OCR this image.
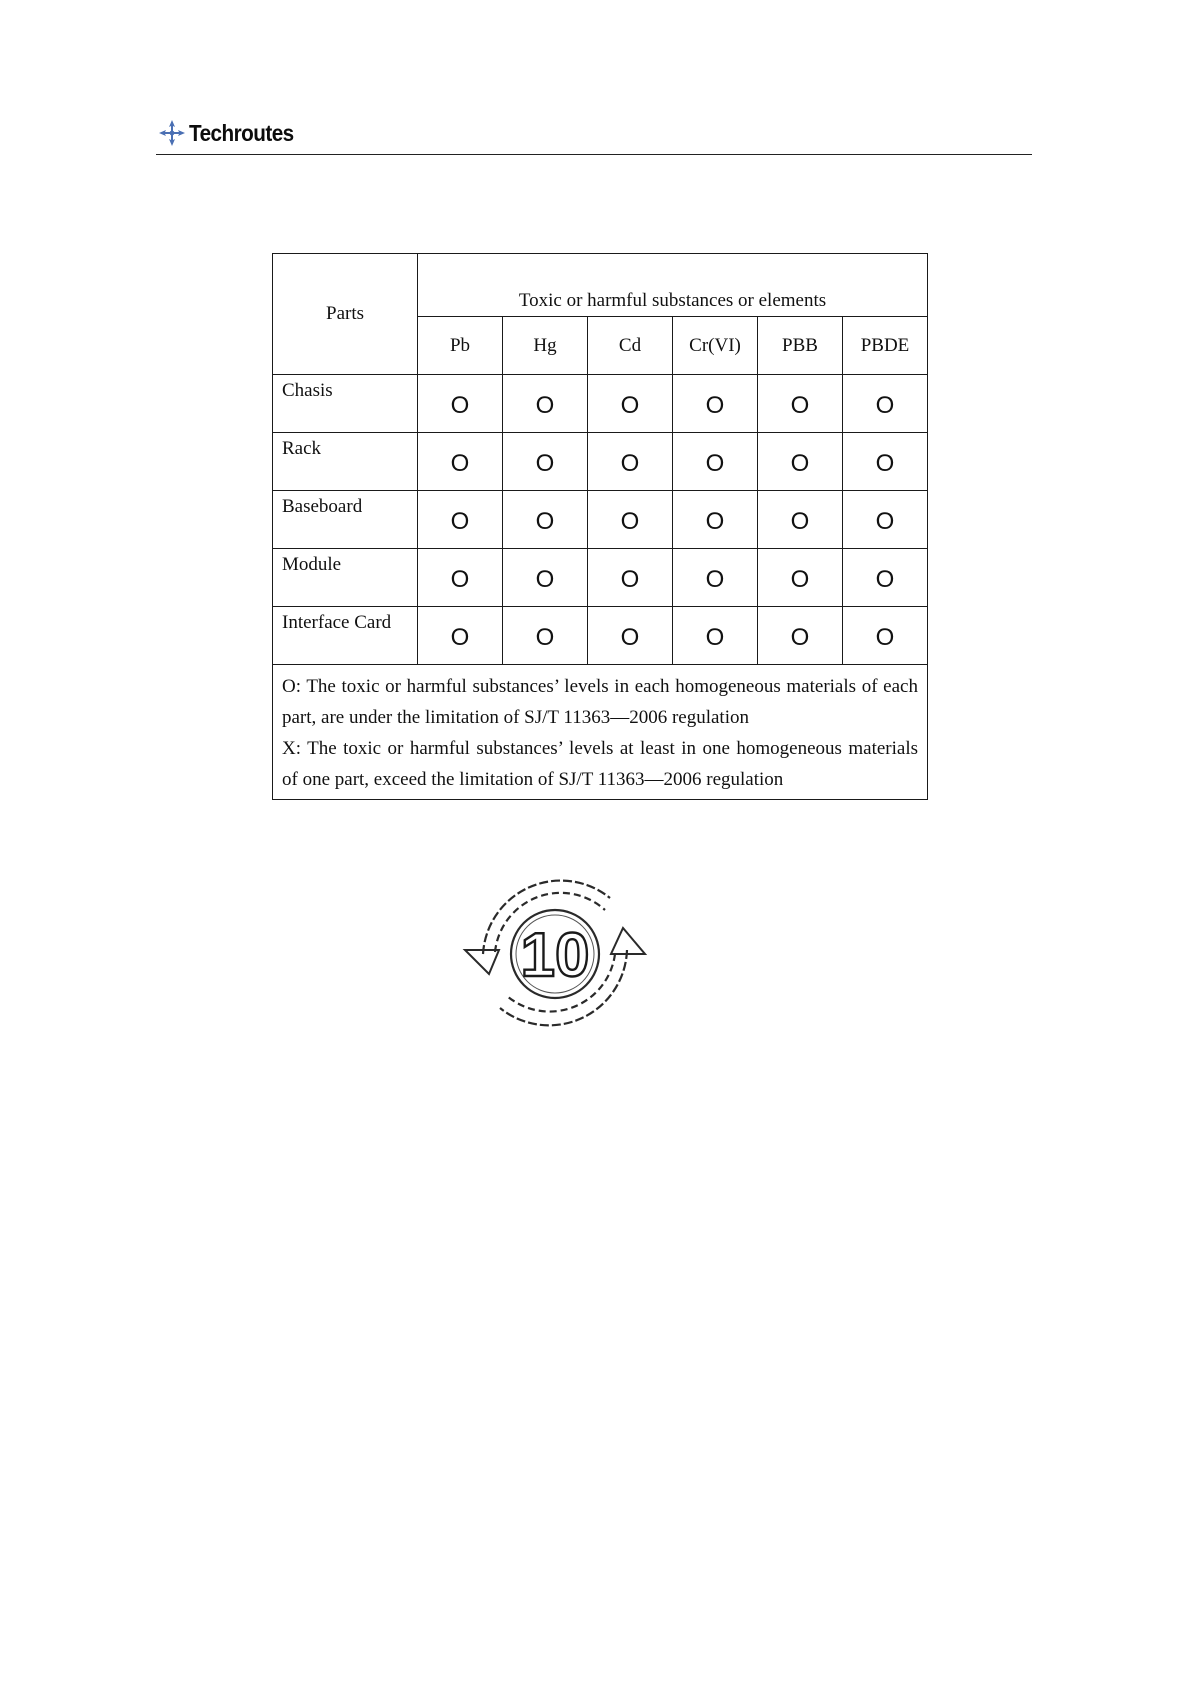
Techroutes
Parts	Toxic or harmful substances or elements					
	Pb	Hg	Cd	Cr(VI)	PBB	PBDE
Chasis	O	O	O	O	O	O
Rack	O	O	O	O	O	O
Baseboard	O	O	O	O	O	O
Module	O	O	O	O	O	O
Interface Card	O	O	O	O	O	O

O: The toxic or harmful substances’ levels in each homogeneous materials of each part, are under the limitation of SJ/T 11363—2006 regulation
X: The toxic or harmful substances’ levels at least in one homogeneous materials of one part, exceed the limitation of SJ/T 11363—2006 regulation						
10
